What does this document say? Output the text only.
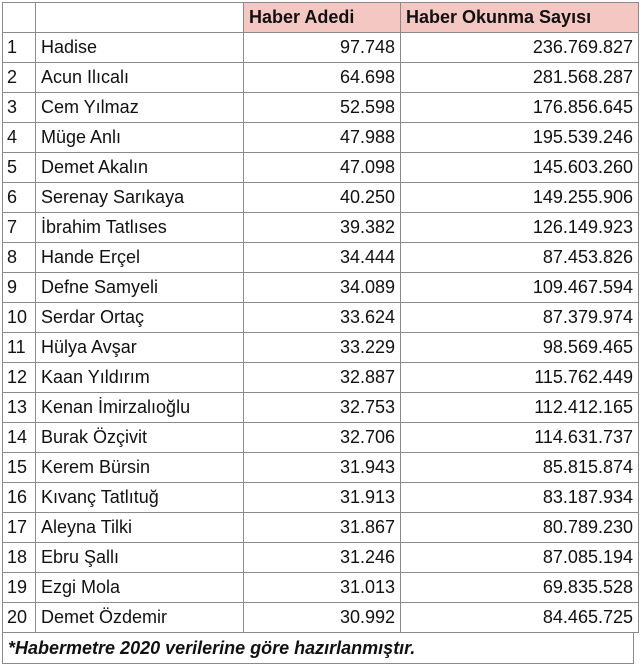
		Haber Adedi	Haber Okunma Sayısı
1	Hadise	97.748	236.769.827
2	Acun Ilıcalı	64.698	281.568.287
3	Cem Yılmaz	52.598	176.856.645
4	Müge Anlı	47.988	195.539.246
5	Demet Akalın	47.098	145.603.260
6	Serenay Sarıkaya	40.250	149.255.906
7	İbrahim Tatlıses	39.382	126.149.923
8	Hande Erçel	34.444	87.453.826
9	Defne Samyeli	34.089	109.467.594
10	Serdar Ortaç	33.624	87.379.974
11	Hülya Avşar	33.229	98.569.465
12	Kaan Yıldırım	32.887	115.762.449
13	Kenan İmirzalıoğlu	32.753	112.412.165
14	Burak Özçivit	32.706	114.631.737
15	Kerem Bürsin	31.943	85.815.874
16	Kıvanç Tatlıtuğ	31.913	83.187.934
17	Aleyna Tilki	31.867	80.789.230
18	Ebru Şallı	31.246	87.085.194
19	Ezgi Mola	31.013	69.835.528
20	Demet Özdemir	30.992	84.465.725
*Habermetre 2020 verilerine göre hazırlanmıştır.
